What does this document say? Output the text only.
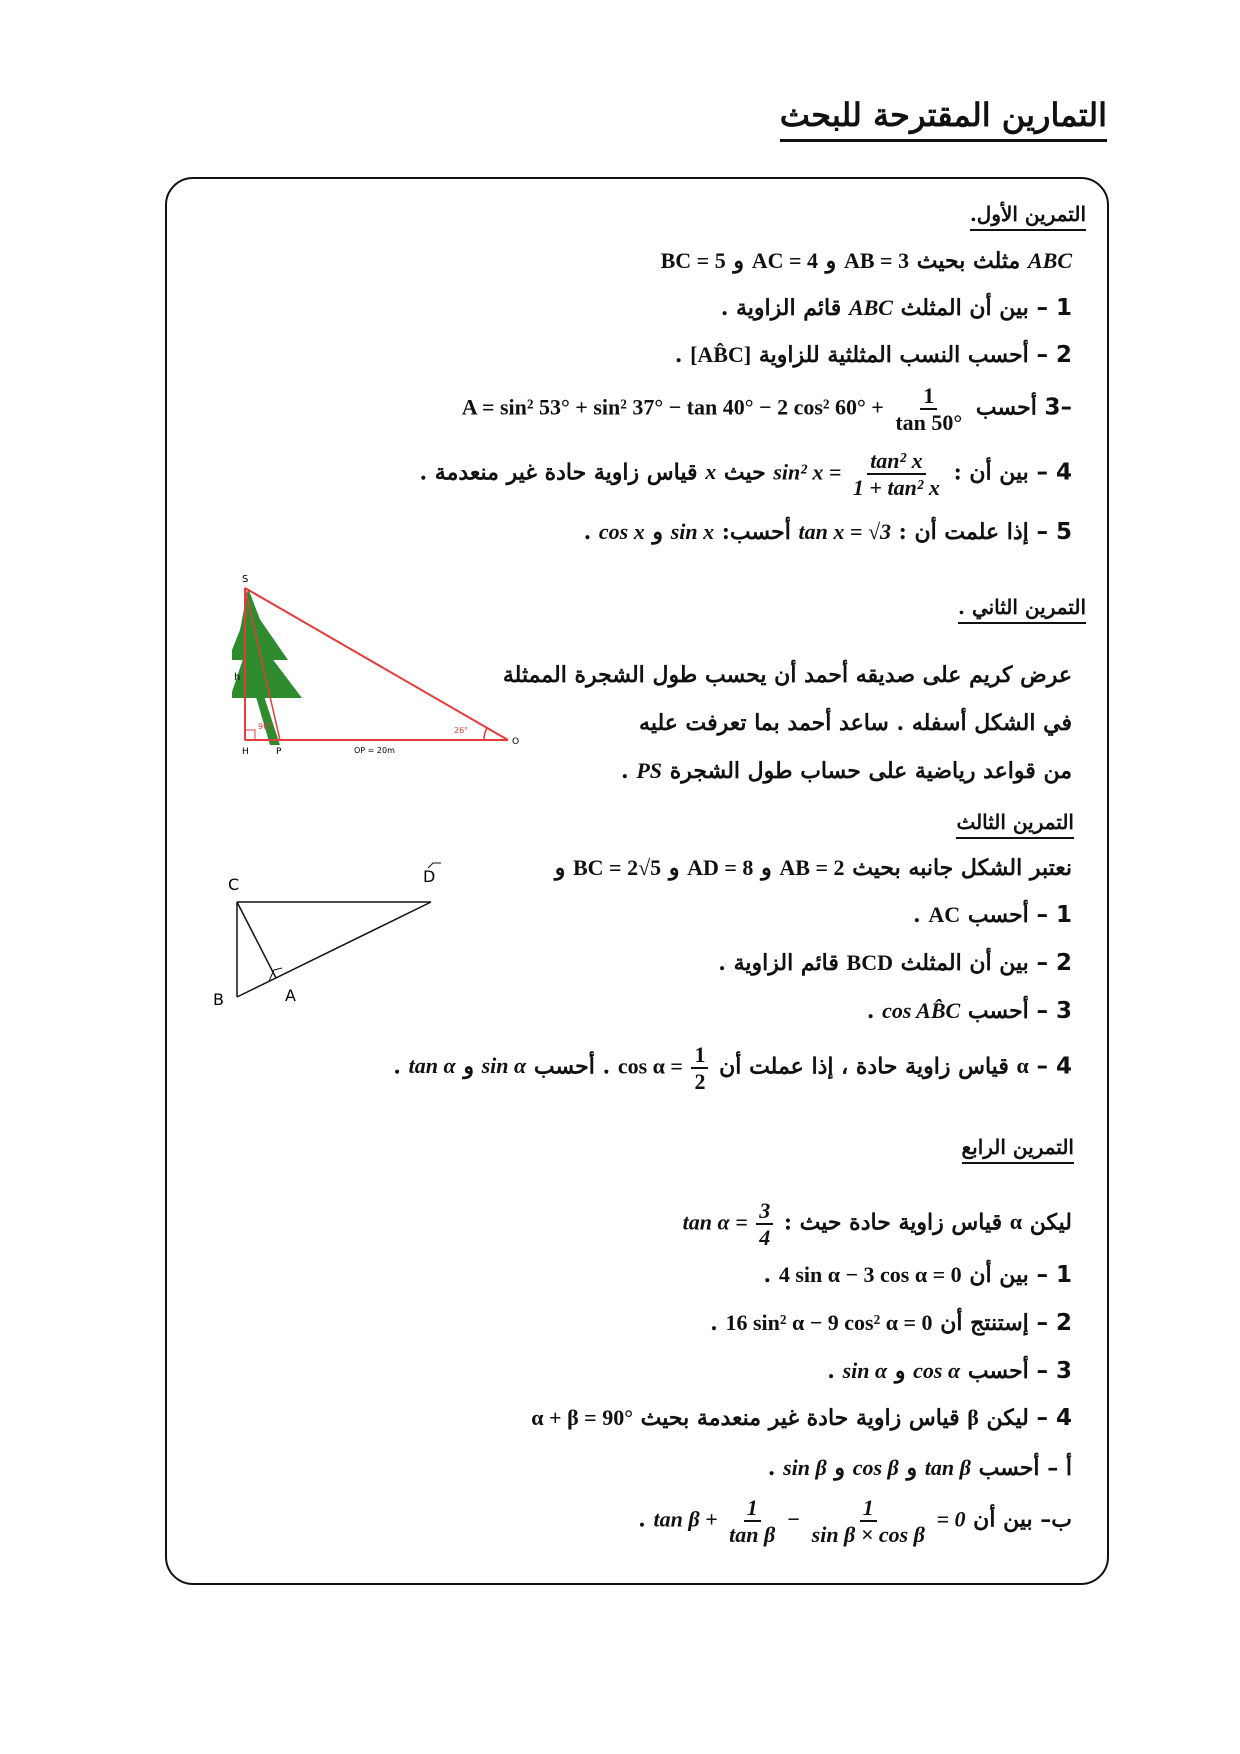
التمارين المقترحة للبحث
التمرين الأول.
ABC مثلث بحيث AB = 3 و AC = 4 و BC = 5
1 – بين أن المثلث ABC قائم الزاوية .
2 – أحسب النسب المثلثية للزاوية [AB̂C] .
–3 أحسب A = sin² 53° + sin² 37° − tan 40° − 2 cos² $60^\circ + \frac{1}{\tan 50^\circ}$
4 – بين أن : sin² $x = \frac{\text{tan² x}}{\text{1 + tan² x}}$
حيث x قياس زاوية حادة غير منعدمة .
5 – إذا علمت أن : tan x = √3 أحسب: sin x و cos x .
التمرين الثاني .
عرض كريم على صديقه أحمد أن يحسب طول الشجرة الممثلة
في الشكل أسفله . ساعد أحمد بما تعرفت عليه
من قواعد رياضية على حساب طول الشجرة PS .
S
h
H	P
O
90°	26°
OP = 20m
التمرين الثالث
نعتبر الشكل جانبه بحيث AB = 2 و AD = 8 و BC = 2√5 و
1 – أحسب AC .
2 – بين أن المثلث BCD قائم الزاوية .
3 – أحسب cos AB̂C .
4 – α قياس زاوية حادة ، إذا عملت أن $\cos \alpha = \frac{1}{2}$
. أحسب sin α و tan α .
C	D
B	A
التمرين الرابع
ليكن α قياس زاوية حادة حيث : $\tan \alpha = \frac{3}{4}$
1 – بين أن 4 sin α − 3 cos α = 0 .
2 – إستنتج أن 16 sin² α − 9 cos² α = 0 .
3 – أحسب cos α و sin α .
4 – ليكن β قياس زاوية حادة غير منعدمة بحيث α + β = 90°
أ – أحسب tan β و cos β و sin β .
ب– بين أن $\tan \beta + \frac{1}{\text{tan β}} - \frac{1}{\text{sin β × cos β}} 0$ = .
